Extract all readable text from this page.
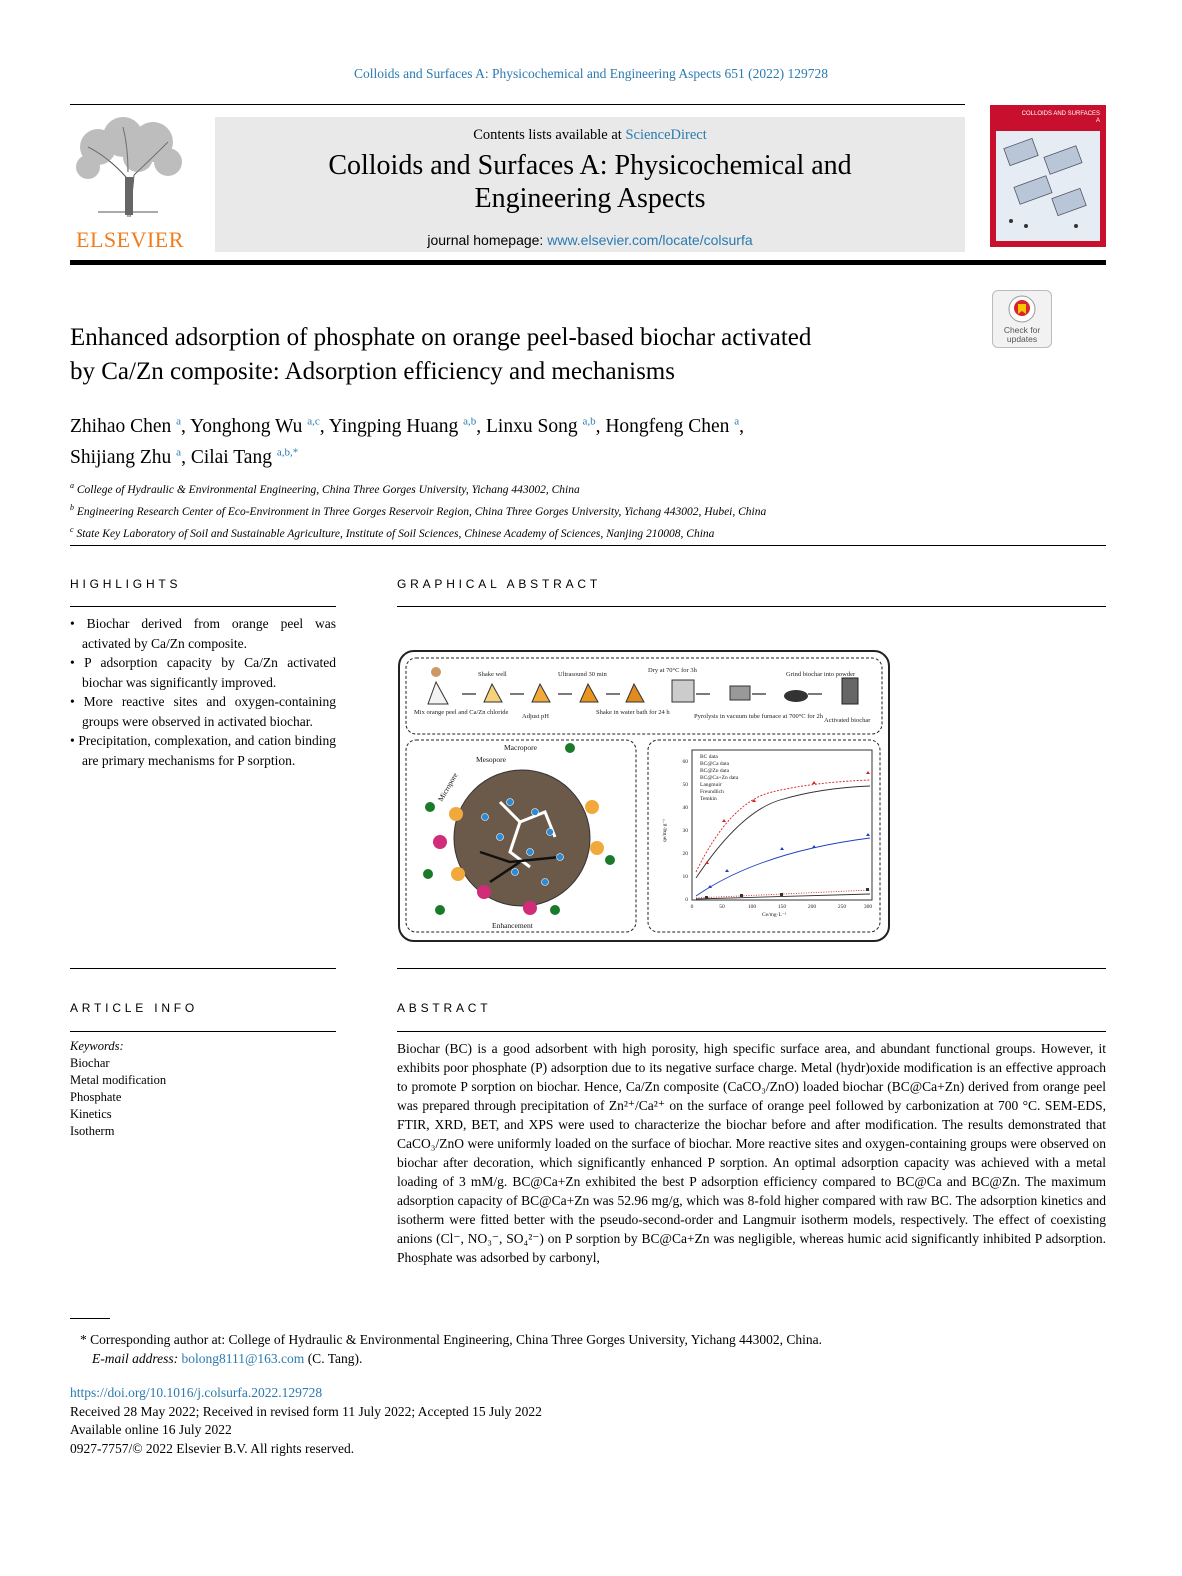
Colloids and Surfaces A: Physicochemical and Engineering Aspects 651 (2022) 129728
ELSEVIER
Contents lists available at ScienceDirect
Colloids and Surfaces A: Physicochemical and Engineering Aspects
journal homepage: www.elsevier.com/locate/colsurfa
COLLOIDS AND SURFACES A
Check for updates
Enhanced adsorption of phosphate on orange peel-based biochar activated
by Ca/Zn composite: Adsorption efficiency and mechanisms
Zhihao Chen $^a$, Yonghong Wu $^{a,c}$, Yingping Huang $^{a,b}$, Linxu Song $^{a,b}$, Hongfeng Chen $^a$,
Shijiang Zhu $^a$, Cilai Tang $^{a,b,*}$
$^a$ College of Hydraulic & Environmental Engineering, China Three Gorges University, Yichang 443002, China
$^b$ Engineering Research Center of Eco-Environment in Three Gorges Reservoir Region, China Three Gorges University, Yichang 443002, Hubei, China
$^c$ State Key Laboratory of Soil and Sustainable Agriculture, Institute of Soil Sciences, Chinese Academy of Sciences, Nanjing 210008, China
HIGHLIGHTS
• Biochar derived from orange peel was activated by Ca/Zn composite.
• P adsorption capacity by Ca/Zn activated biochar was significantly improved.
• More reactive sites and oxygen-containing groups were observed in activated biochar.
• Precipitation, complexation, and cation binding are primary mechanisms for P sorption.
GRAPHICAL ABSTRACT
Mix orange peel and Ca/Zn chloride
Shake well
Adjust pH
Ultrasound 30 min
Shake in water bath for 24 h
Dry at 70°C for 3h
Pyrolysis in vacuum tube furnace at 700°C for 2h
Grind biochar into powder
Activated biochar
Macropore
Mesopore
Micropore
Enhancement
BC data
BC@Ca data
BC@Zn data
BC@Ca+Zn data
Langmuir
Freundlich
Temkin
Ce/mg·L⁻¹
qe/mg·g⁻¹
0	50	100	150	200	250	300
0
10
20
30
40
50
60
ARTICLE INFO
Keywords:
Biochar
Metal modification
Phosphate
Kinetics
Isotherm
ABSTRACT
Biochar (BC) is a good adsorbent with high porosity, high specific surface area, and abundant functional groups. However, it exhibits poor phosphate (P) adsorption due to its negative surface charge. Metal (hydr)oxide modification is an effective approach to promote P sorption on biochar. Hence, Ca/Zn composite (CaCO₃/ZnO) loaded biochar (BC@Ca+Zn) derived from orange peel was prepared through precipitation of Zn²⁺/Ca²⁺ on the surface of orange peel followed by carbonization at 700 °C. SEM-EDS, FTIR, XRD, BET, and XPS were used to characterize the biochar before and after modification. The results demonstrated that CaCO₃/ZnO were uniformly loaded on the surface of biochar. More reactive sites and oxygen-containing groups were observed on biochar after decoration, which significantly enhanced P sorption. An optimal adsorption capacity was achieved with a metal loading of 3 mM/g. BC@Ca+Zn exhibited the best P adsorption efficiency compared to BC@Ca and BC@Zn. The maximum adsorption capacity of BC@Ca+Zn was 52.96 mg/g, which was 8-fold higher compared with raw BC. The adsorption kinetics and isotherm were fitted better with the pseudo-second-order and Langmuir isotherm models, respectively. The effect of coexisting anions (Cl⁻, NO₃⁻, SO₄²⁻) on P sorption by BC@Ca+Zn was negligible, whereas humic acid significantly inhibited P adsorption. Phosphate was adsorbed by carbonyl,
* Corresponding author at: College of Hydraulic & Environmental Engineering, China Three Gorges University, Yichang 443002, China.
E-mail address: bolong8111@163.com (C. Tang).
https://doi.org/10.1016/j.colsurfa.2022.129728
Received 28 May 2022; Received in revised form 11 July 2022; Accepted 15 July 2022
Available online 16 July 2022
0927-7757/© 2022 Elsevier B.V. All rights reserved.
